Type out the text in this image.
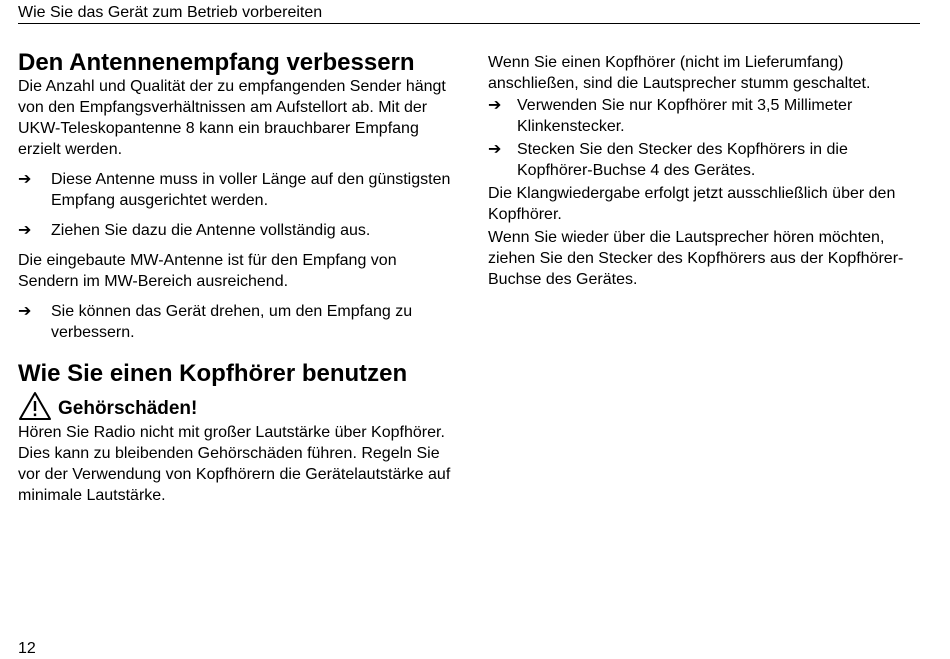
Wie Sie das Gerät zum Betrieb vorbereiten
Den Antennenempfang verbessern

Die Anzahl und Qualität der zu empfangenden Sender hängt von den Empfangsverhältnissen am Aufstellort ab. Mit der UKW-Teleskopantenne 8 kann ein brauchbarer Empfang erzielt werden.

➔	Diese Antenne muss in voller Länge auf den günstigsten Empfang ausgerichtet werden.
➔	Ziehen Sie dazu die Antenne vollständig aus.

Die eingebaute MW-Antenne ist für den Empfang von Sendern im MW-Bereich ausreichend.

➔	Sie können das Gerät drehen, um den Empfang zu verbessern.
Wie Sie einen Kopfhörer benutzen
Gehörschäden!

Hören Sie Radio nicht mit großer Lautstärke über Kopfhörer. Dies kann zu bleibenden Gehörschäden führen. Regeln Sie vor der Verwendung von Kopfhörern die Gerätelautstärke auf minimale Lautstärke.

Wenn Sie einen Kopfhörer (nicht im Lieferumfang) anschließen, sind die Lautsprecher stumm geschaltet.

➔ Verwenden Sie nur Kopfhörer mit 3,5 Millimeter Klinkenstecker.
➔ Stecken Sie den Stecker des Kopfhörers in die Kopfhörer-Buchse 4 des Gerätes.

Die Klangwiedergabe erfolgt jetzt ausschließlich über den Kopfhörer.

Wenn Sie wieder über die Lautsprecher hören möchten, ziehen Sie den Stecker des Kopfhörers aus der Kopfhörer-Buchse des Gerätes.

12
